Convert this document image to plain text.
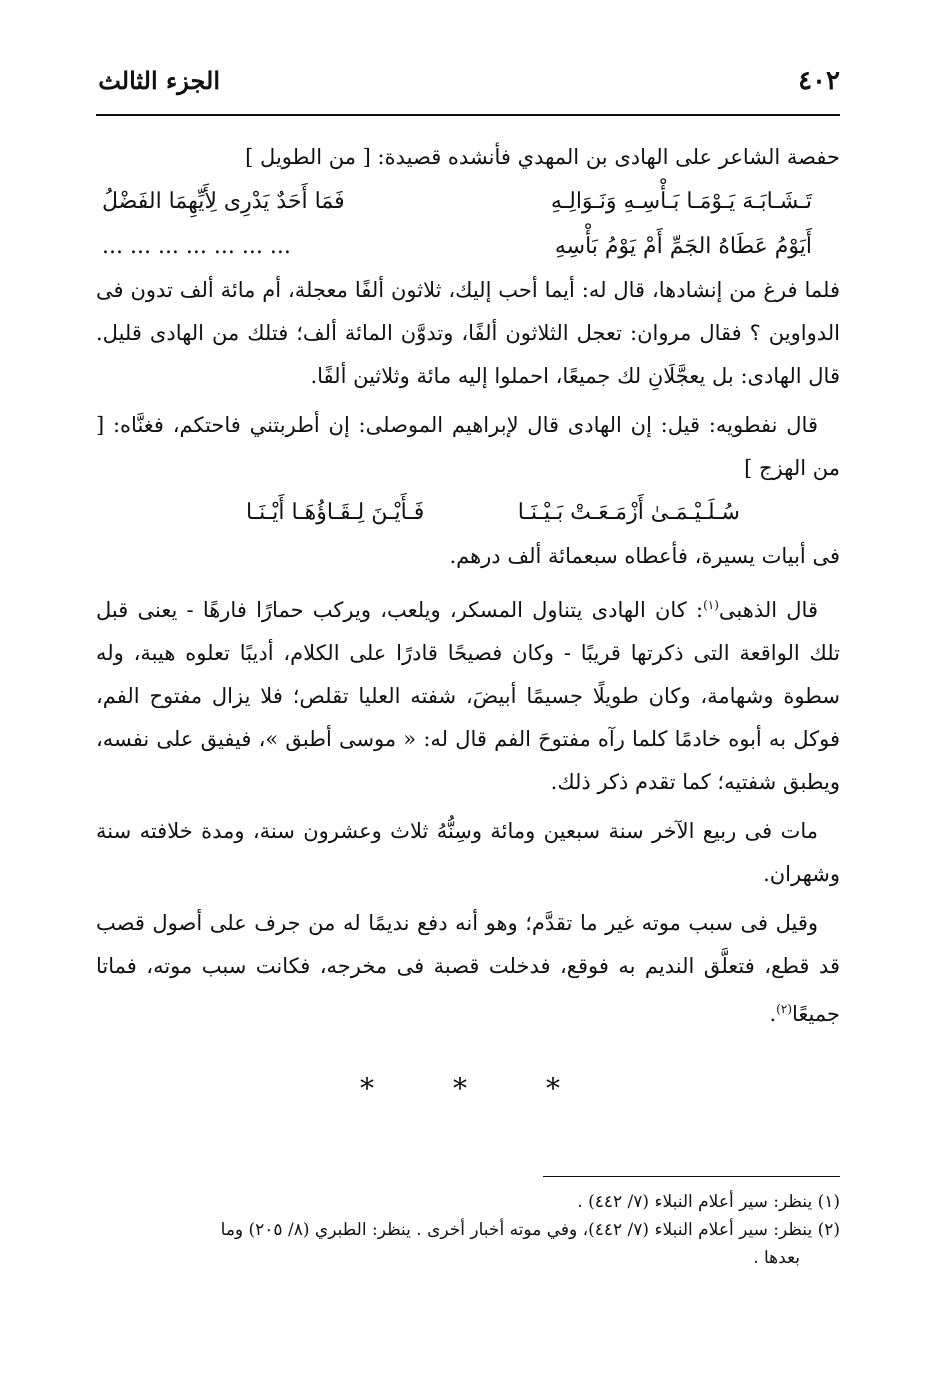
٤٠٢
الجزء الثالث

حفصة الشاعر على الهادى بن المهدي فأنشده قصيدة: [ من الطويل ]

تَـشَـابَـهَ يَـوْمَـا بَـأْسِـهِ وَنَـوَالِـهِ
فَمَا أَحَدٌ يَدْرِى لِأَيِّهِمَا الفَضْلُ
أَيَوْمُ عَطَاهُ الجَمِّ أَمْ يَوْمُ بَأْسِهِ
... ... ... ... ... ... ...

فلما فرغ من إنشادها، قال له: أيما أحب إليك، ثلاثون ألفًا معجلة، أم مائة ألف تدون فى الدواوين ؟ فقال مروان: تعجل الثلاثون ألفًا، وتدوَّن المائة ألف؛ فتلك من الهادى قليل. قال الهادى: بل يعجَّلَانِ لك جميعًا، احملوا إليه مائة وثلاثين ألفًا.

قال نفطويه: قيل: إن الهادى قال لإبراهيم الموصلى: إن أطربتني فاحتكم، فغنَّاه: [ من الهزج ]

سُـلَـيْـمَـىٰ أَزْمَـعَـتْ بَـيْـنَـا
فَـأَيْـنَ لِـقَـاؤُهَـا أَيْـنَـا

فى أبيات يسيرة، فأعطاه سبعمائة ألف درهم.

قال الذهبى$^{(١)}$: كان الهادى يتناول المسكر، ويلعب، ويركب حمارًا فارهًا - يعنى قبل تلك الواقعة التى ذكرتها قريبًا - وكان فصيحًا قادرًا على الكلام، أديبًا تعلوه هيبة، وله سطوة وشهامة، وكان طويلًا جسيمًا أبيضَ، شفته العليا تقلص؛ فلا يزال مفتوح الفم، فوكل به أبوه خادمًا كلما رآه مفتوحَ الفم قال له: « موسى أطبق »، فيفيق على نفسه، ويطبق شفتيه؛ كما تقدم ذكر ذلك.

مات فى ربيع الآخر سنة سبعين ومائة وسِنُّهُ ثلاث وعشرون سنة، ومدة خلافته سنة وشهران.

وقيل فى سبب موته غير ما تقدَّم؛ وهو أنه دفع نديمًا له من جرف على أصول قصب قد قطع، فتعلَّق النديم به فوقع، فدخلت قصبة فى مخرجه، فكانت سبب موته، فماتا جميعًا$^{(٢)}$.

*
*
*

(١) ينظر: سير أعلام النبلاء (٧/ ٤٤٢) .

(٢) ينظر: سير أعلام النبلاء (٧/ ٤٤٢)، وفي موته أخبار أخرى . ينظر: الطبري (٨/ ٢٠٥) وما

بعدها .
